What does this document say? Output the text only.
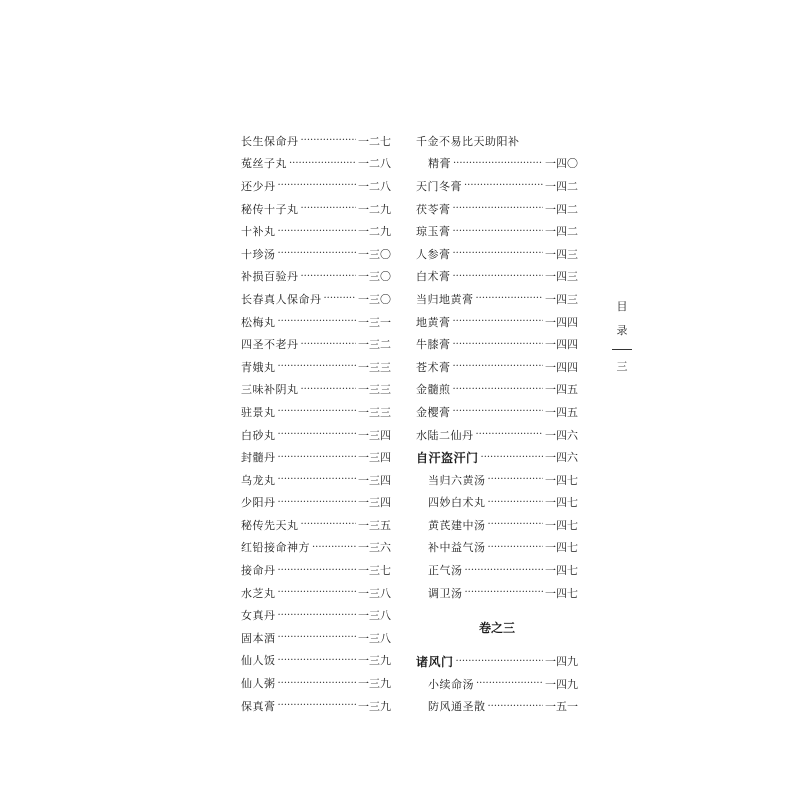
长生保命丹 ·····	一二七
菟丝子丸 ·····	一二八
还少丹 ·····	一二八
秘传十子丸 ·····	一二九
十补丸 ·····	一二九
十珍汤 ·····	一三〇
补损百验丹 ·····	一三〇
长春真人保命丹 ·····	一三〇
松梅丸 ·····	一三一
四圣不老丹 ·····	一三二
青娥丸 ·····	一三三
三味补阴丸 ·····	一三三
驻景丸 ·····	一三三
白砂丸 ·····	一三四
封髓丹 ·····	一三四
乌龙丸 ·····	一三四
少阳丹 ·····	一三四
秘传先天丸 ·····	一三五
红铅接命神方 ·····	一三六
接命丹 ·····	一三七
水芝丸 ·····	一三八
女真丹 ·····	一三八
固本酒 ·····	一三八
仙人饭 ·····	一三九
仙人粥 ·····	一三九
保真膏 ·····	一三九
千金不易比天助阳补
精膏 ·····	一四〇
天门冬膏 ·····	一四二
茯苓膏 ·····	一四二
琼玉膏 ·····	一四二
人参膏 ·····	一四三
白术膏 ·····	一四三
当归地黄膏 ·····	一四三
地黄膏 ·····	一四四
牛膝膏 ·····	一四四
苍术膏 ·····	一四四
金髓煎 ·····	一四五
金樱膏 ·····	一四五
水陆二仙丹 ·····	一四六
自汗盗汗门 ·····	一四六
当归六黄汤 ·····	一四七
四妙白术丸 ·····	一四七
黄芪建中汤 ·····	一四七
补中益气汤 ·····	一四七
正气汤 ·····	一四七
调卫汤 ·····	一四七
卷之三
诸风门 ·····	一四九
小续命汤 ·····	一四九
防风通圣散 ·····	一五一
目
录
三
